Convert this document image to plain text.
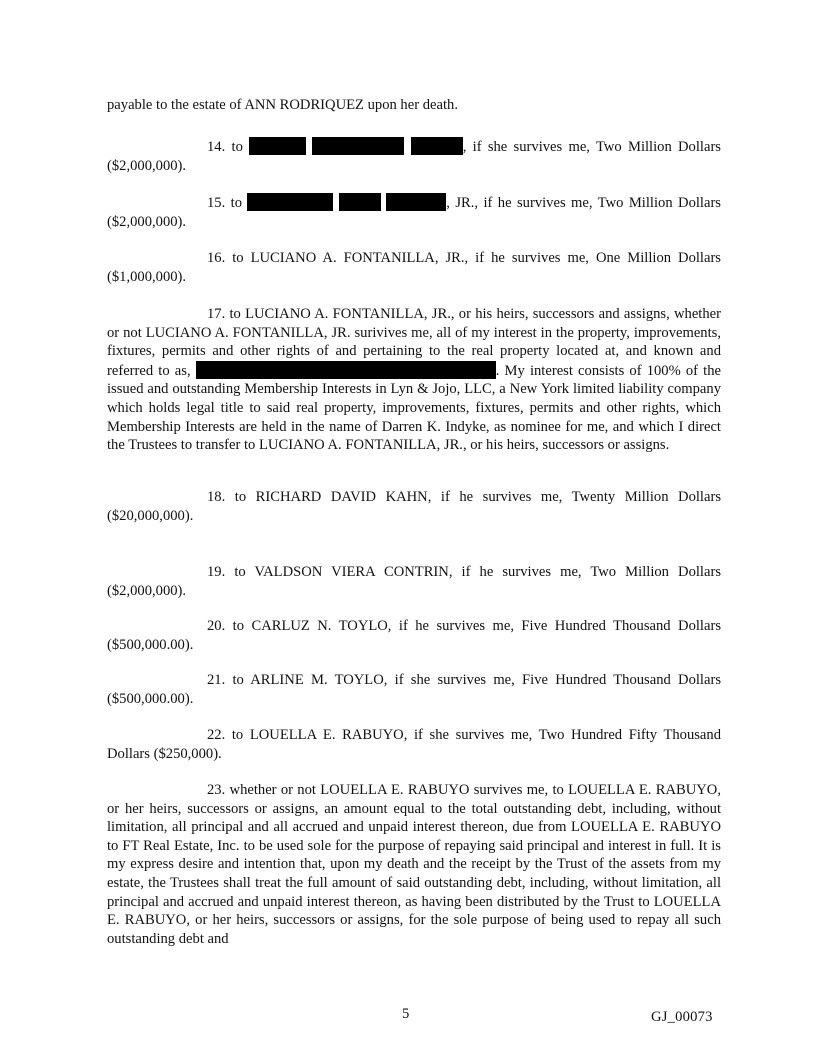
payable to the estate of ANN RODRIQUEZ upon her death.

14. to	, if she survives me, Two Million Dollars ($2,000,000).

15. to	, JR., if he survives me, Two Million Dollars ($2,000,000).

16. to LUCIANO A. FONTANILLA, JR., if he survives me, One Million Dollars ($1,000,000).

17. to LUCIANO A. FONTANILLA, JR., or his heirs, successors and assigns, whether or not LUCIANO A. FONTANILLA, JR. surivives me, all of my interest in the property, improvements, fixtures, permits and other rights of and pertaining to the real property located at, and known and referred to as,	. My interest consists of 100% of the issued and outstanding Membership Interests in Lyn & Jojo, LLC, a New York limited liability company which holds legal title to said real property, improvements, fixtures, permits and other rights, which Membership Interests are held in the name of Darren K. Indyke, as nominee for me, and which I direct the Trustees to transfer to LUCIANO A. FONTANILLA, JR., or his heirs, successors or assigns.

18. to RICHARD DAVID KAHN, if he survives me, Twenty Million Dollars ($20,000,000).

19. to VALDSON VIERA CONTRIN, if he survives me, Two Million Dollars ($2,000,000).

20. to CARLUZ N. TOYLO, if he survives me, Five Hundred Thousand Dollars ($500,000.00).

21. to ARLINE M. TOYLO, if she survives me, Five Hundred Thousand Dollars ($500,000.00).

22. to LOUELLA E. RABUYO, if she survives me, Two Hundred Fifty Thousand Dollars ($250,000).

23. whether or not LOUELLA E. RABUYO survives me, to LOUELLA E. RABUYO, or her heirs, successors or assigns, an amount equal to the total outstanding debt, including, without limitation, all principal and all accrued and unpaid interest thereon, due from LOUELLA E. RABUYO to FT Real Estate, Inc. to be used sole for the purpose of repaying said principal and interest in full. It is my express desire and intention that, upon my death and the receipt by the Trust of the assets from my estate, the Trustees shall treat the full amount of said outstanding debt, including, without limitation, all principal and accrued and unpaid interest thereon, as having been distributed by the Trust to LOUELLA E. RABUYO, or her heirs, successors or assigns, for the sole purpose of being used to repay all such outstanding debt and

5	GJ_00073
